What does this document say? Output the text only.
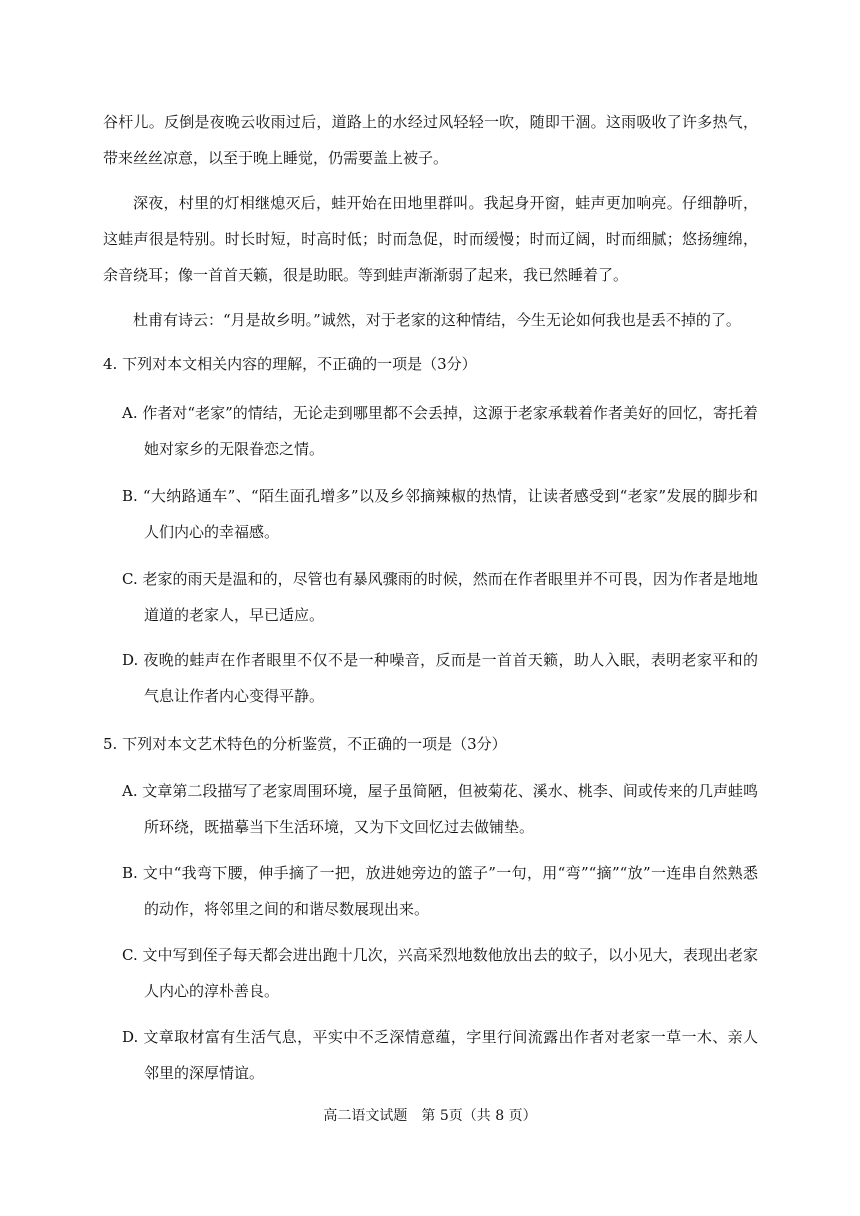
谷杆儿。反倒是夜晚云收雨过后，道路上的水经过风轻轻一吹，随即干涸。这雨吸收了许多热气，带来丝丝凉意，以至于晚上睡觉，仍需要盖上被子。
深夜，村里的灯相继熄灭后，蛙开始在田地里群叫。我起身开窗，蛙声更加响亮。仔细静听，这蛙声很是特别。时长时短，时高时低；时而急促，时而缓慢；时而辽阔，时而细腻；悠扬缠绵，余音绕耳；像一首首天籁，很是助眠。等到蛙声渐渐弱了起来，我已然睡着了。
杜甫有诗云：“月是故乡明。”诚然，对于老家的这种情结，今生无论如何我也是丢不掉的了。
4. 下列对本文相关内容的理解，不正确的一项是（3分）
A. 作者对“老家”的情结，无论走到哪里都不会丢掉，这源于老家承载着作者美好的回忆，寄托着她对家乡的无限眷恋之情。
B. “大纳路通车”、“陌生面孔增多”以及乡邻摘辣椒的热情，让读者感受到“老家”发展的脚步和人们内心的幸福感。
C. 老家的雨天是温和的，尽管也有暴风骤雨的时候，然而在作者眼里并不可畏，因为作者是地地道道的老家人，早已适应。
D. 夜晚的蛙声在作者眼里不仅不是一种噪音，反而是一首首天籁，助人入眠，表明老家平和的气息让作者内心变得平静。
5. 下列对本文艺术特色的分析鉴赏，不正确的一项是（3分）
A. 文章第二段描写了老家周围环境，屋子虽简陋，但被菊花、溪水、桃李、间或传来的几声蛙鸣所环绕，既描摹当下生活环境，又为下文回忆过去做铺垫。
B. 文中“我弯下腰，伸手摘了一把，放进她旁边的篮子”一句，用“弯”“摘”“放”一连串自然熟悉的动作，将邻里之间的和谐尽数展现出来。
C. 文中写到侄子每天都会进出跑十几次，兴高采烈地数他放出去的蚊子，以小见大，表现出老家人内心的淳朴善良。
D. 文章取材富有生活气息，平实中不乏深情意蕴，字里行间流露出作者对老家一草一木、亲人邻里的深厚情谊。
高二语文试题　第 5页（共 8 页）
